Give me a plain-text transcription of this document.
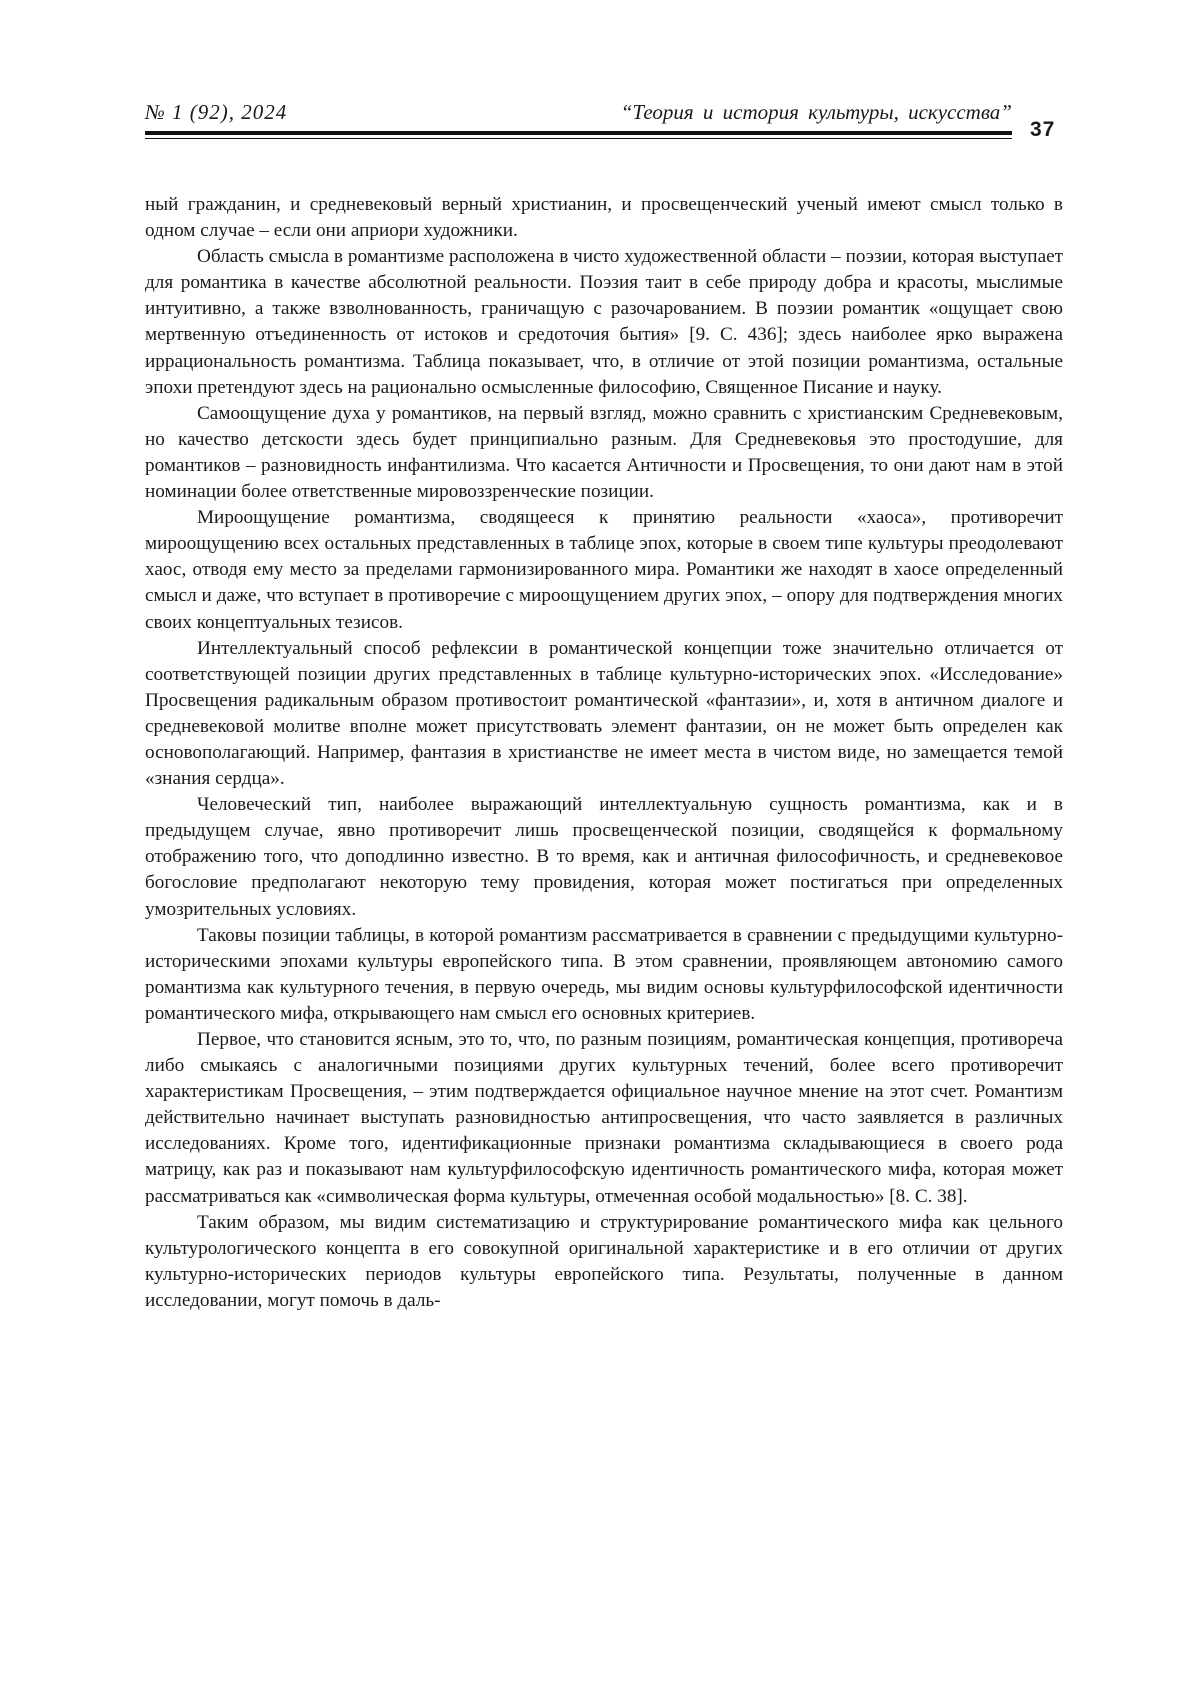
№ 1 (92), 2024	“Теория и история культуры, искусства”
37

ный гражданин, и средневековый верный христианин, и просвещенческий ученый имеют смысл только в одном случае – если они априори художники.

Область смысла в романтизме расположена в чисто художественной области – поэзии, которая выступает для романтика в качестве абсолютной реальности. Поэзия таит в себе природу добра и красоты, мыслимые интуитивно, а также взволнованность, граничащую с разочарованием. В поэзии романтик «ощущает свою мертвенную отъединенность от истоков и средоточия бытия» [9. С. 436]; здесь наиболее ярко выражена иррациональность романтизма. Таблица показывает, что, в отличие от этой позиции романтизма, остальные эпохи претендуют здесь на рационально осмысленные философию, Священное Писание и науку.

Самоощущение духа у романтиков, на первый взгляд, можно сравнить с христианским Средневековым, но качество детскости здесь будет принципиально разным. Для Средневековья это простодушие, для романтиков – разновидность инфантилизма. Что касается Античности и Просвещения, то они дают нам в этой номинации более ответственные мировоззренческие позиции.

Мироощущение романтизма, сводящееся к принятию реальности «хаоса», противоречит мироощущению всех остальных представленных в таблице эпох, которые в своем типе культуры преодолевают хаос, отводя ему место за пределами гармонизированного мира. Романтики же находят в хаосе определенный смысл и даже, что вступает в противоречие с мироощущением других эпох, – опору для подтверждения многих своих концептуальных тезисов.

Интеллектуальный способ рефлексии в романтической концепции тоже значительно отличается от соответствующей позиции других представленных в таблице культурно-исторических эпох. «Исследование» Просвещения радикальным образом противостоит романтической «фантазии», и, хотя в античном диалоге и средневековой молитве вполне может присутствовать элемент фантазии, он не может быть определен как основополагающий. Например, фантазия в христианстве не имеет места в чистом виде, но замещается темой «знания сердца».

Человеческий тип, наиболее выражающий интеллектуальную сущность романтизма, как и в предыдущем случае, явно противоречит лишь просвещенческой позиции, сводящейся к формальному отображению того, что доподлинно известно. В то время, как и античная философичность, и средневековое богословие предполагают некоторую тему провидения, которая может постигаться при определенных умозрительных условиях.

Таковы позиции таблицы, в которой романтизм рассматривается в сравнении с предыдущими культурно-историческими эпохами культуры европейского типа. В этом сравнении, проявляющем автономию самого романтизма как культурного течения, в первую очередь, мы видим основы культурфилософской идентичности романтического мифа, открывающего нам смысл его основных критериев.

Первое, что становится ясным, это то, что, по разным позициям, романтическая концепция, противореча либо смыкаясь с аналогичными позициями других культурных течений, более всего противоречит характеристикам Просвещения, – этим подтверждается официальное научное мнение на этот счет. Романтизм действительно начинает выступать разновидностью антипросвещения, что часто заявляется в различных исследованиях. Кроме того, идентификационные признаки романтизма складывающиеся в своего рода матрицу, как раз и показывают нам культурфилософскую идентичность романтического мифа, которая может рассматриваться как «символическая форма культуры, отмеченная особой модальностью» [8. С. 38].

Таким образом, мы видим систематизацию и структурирование романтического мифа как цельного культурологического концепта в его совокупной оригинальной характеристике и в его отличии от других культурно-исторических периодов культуры европейского типа. Результаты, полученные в данном исследовании, могут помочь в даль-
